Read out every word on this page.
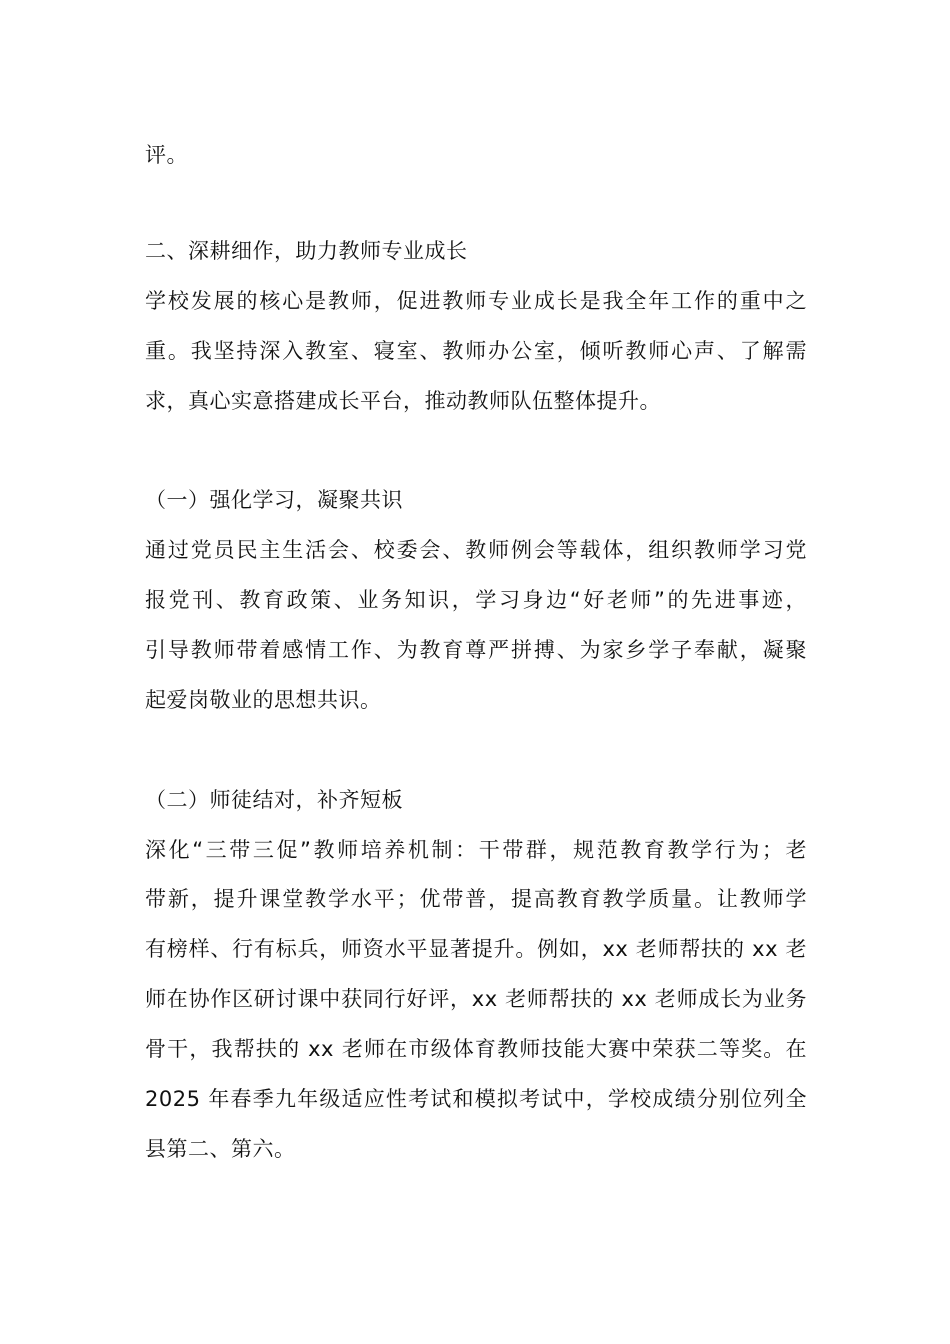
评。
二、深耕细作，助力教师专业成长
学校发展的核心是教师，促进教师专业成长是我全年工作的重中之
重。我坚持深入教室、寝室、教师办公室，倾听教师心声、了解需
求，真心实意搭建成长平台，推动教师队伍整体提升。
（一）强化学习，凝聚共识
通过党员民主生活会、校委会、教师例会等载体，组织教师学习党
报党刊、教育政策、业务知识，学习身边“好老师”的先进事迹，
引导教师带着感情工作、为教育尊严拼搏、为家乡学子奉献，凝聚
起爱岗敬业的思想共识。
（二）师徒结对，补齐短板
深化“三带三促”教师培养机制：干带群，规范教育教学行为；老
带新，提升课堂教学水平；优带普，提高教育教学质量。让教师学
有榜样、行有标兵，师资水平显著提升。例如，xx 老师帮扶的 xx 老
师在协作区研讨课中获同行好评，xx 老师帮扶的 xx 老师成长为业务
骨干，我帮扶的 xx 老师在市级体育教师技能大赛中荣获二等奖。在
2025 年春季九年级适应性考试和模拟考试中，学校成绩分别位列全
县第二、第六。
